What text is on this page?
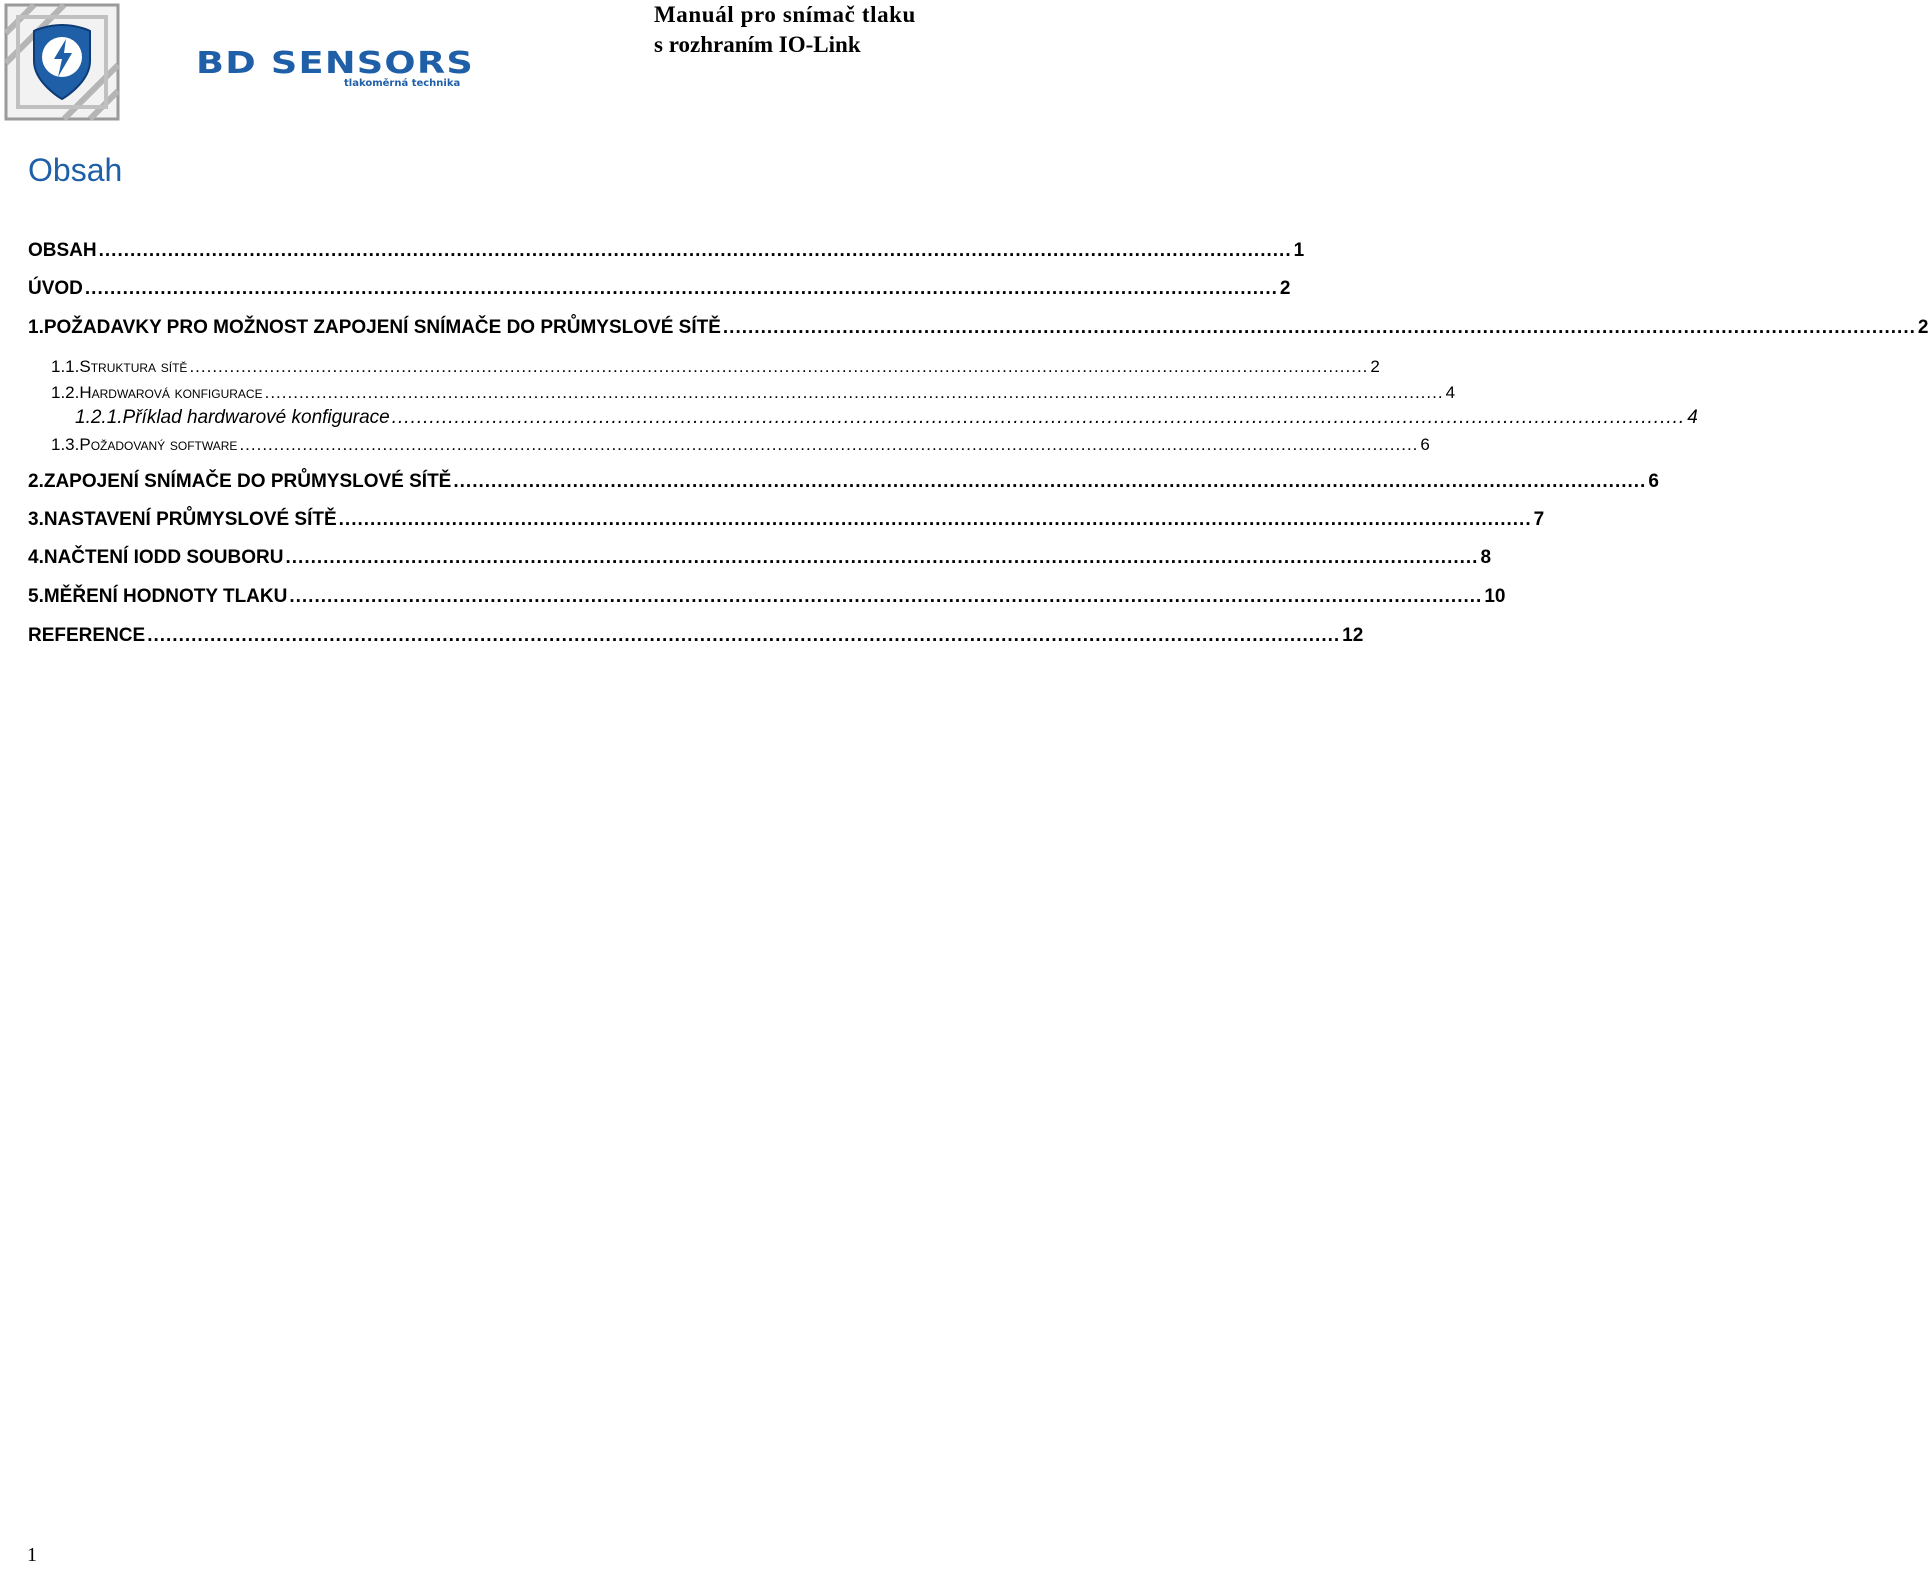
BD SENSORS
tlakoměrná technika
Manuál pro snímač tlaku
s rozhraním IO-Link
Obsah
OBSAH .............................................................................................................................................................................................. 1
ÚVOD .............................................................................................................................................................................................. 2
1. POŽADAVKY PRO MOŽNOST ZAPOJENÍ SNÍMAČE DO PRŮMYSLOVÉ SÍTĚ .............................................................................................................................................................................................. 2
1.1. Struktura sítě .............................................................................................................................................................................................................. 2
1.2. Hardwarová konfigurace .............................................................................................................................................................................................................. 4
1.2.1. Příklad hardwarové konfigurace .............................................................................................................................................................................................................. 4
1.3. Požadovaný software .............................................................................................................................................................................................................. 6
2. ZAPOJENÍ SNÍMAČE DO PRŮMYSLOVÉ SÍTĚ .............................................................................................................................................................................................. 6
3. NASTAVENÍ PRŮMYSLOVÉ SÍTĚ .............................................................................................................................................................................................. 7
4. NAČTENÍ IODD SOUBORU .............................................................................................................................................................................................. 8
5. MĚŘENÍ HODNOTY TLAKU .............................................................................................................................................................................................. 10
REFERENCE .............................................................................................................................................................................................. 12
1
